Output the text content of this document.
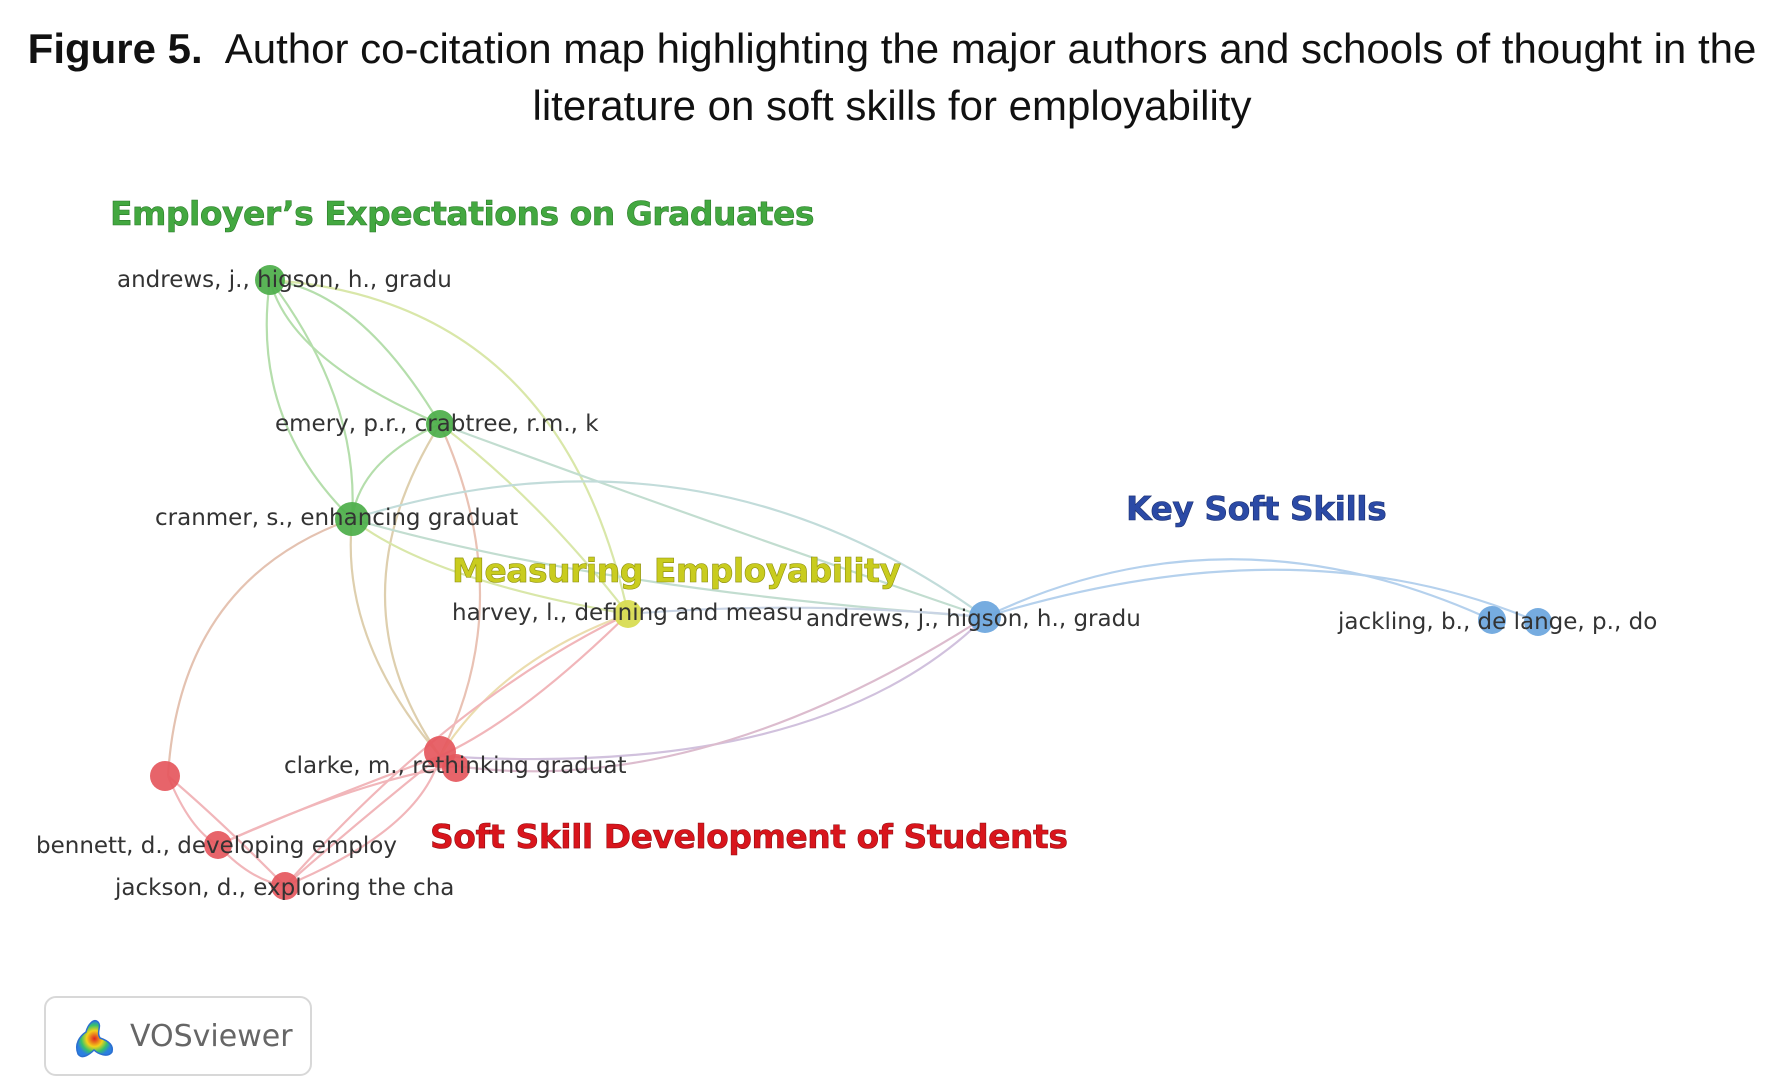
Figure 5. Author co-citation map highlighting the major authors and schools of thought in the literature on soft skills for employability
andrews, j., higson, h., gradu
emery, p.r., crabtree, r.m., k
cranmer, s., enhancing graduat
harvey, l., defining and measu andrews, j., higson, h., gradu	jackling, b., de lange, p., do
clarke, m., rethinking graduat
bennett, d., developing employ
jackson, d., exploring the cha
Employer’s Expectations on Graduates
Measuring Employability
Key Soft Skills
Soft Skill Development of Students
VOSviewer
